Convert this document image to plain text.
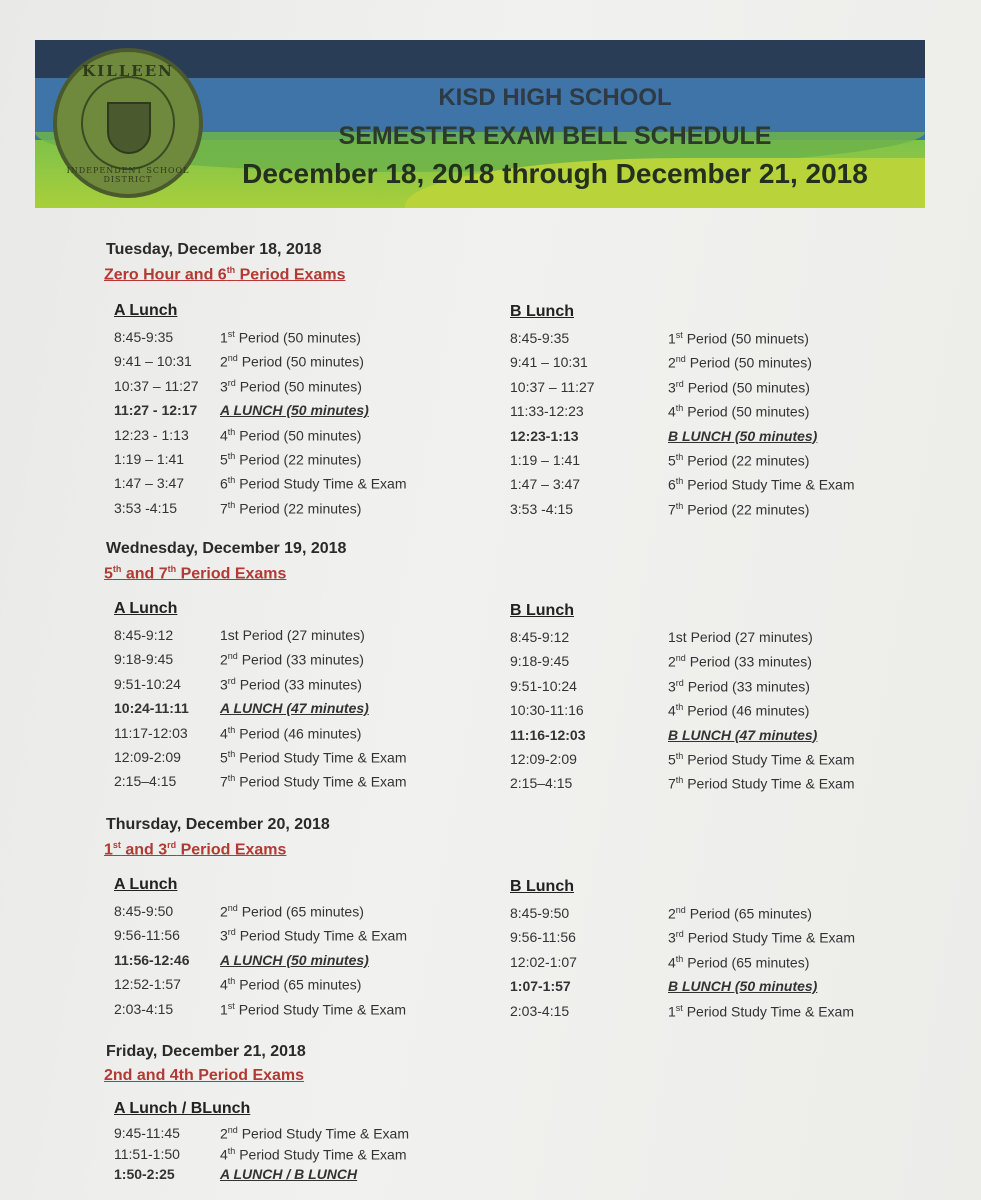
KILLEEN
INDEPENDENT SCHOOL DISTRICT
KISD HIGH SCHOOL
SEMESTER EXAM BELL SCHEDULE
December 18, 2018 through December 21, 2018
Tuesday, December 18, 2018
Zero Hour and 6th Period Exams
A Lunch
8:45-9:35	1st Period (50 minutes)
9:41 – 10:31 2nd Period (50 minutes)
10:37 – 11:27 3rd Period (50 minutes)
11:27 - 12:17 A LUNCH (50 minutes)
12:23 - 1:13 4th Period (50 minutes)
1:19 – 1:41	5th Period (22 minutes)
1:47 – 3:47	6th Period Study Time & Exam
3:53 -4:15	7th Period (22 minutes)
B Lunch
8:45-9:35	1st Period (50 minuets)
9:41 – 10:31	2nd Period (50 minutes)
10:37 – 11:27	3rd Period (50 minutes)
11:33-12:23	4th Period (50 minutes)
12:23-1:13	B LUNCH (50 minutes)
1:19 – 1:41	5th Period (22 minutes)
1:47 – 3:47	6th Period Study Time & Exam
3:53 -4:15	7th Period (22 minutes)
Wednesday, December 19, 2018
5th and 7th Period Exams
A Lunch
8:45-9:12	1st Period (27 minutes)
9:18-9:45	2nd Period (33 minutes)
9:51-10:24	3rd Period (33 minutes)
10:24-11:11 A LUNCH (47 minutes)
11:17-12:03 4th Period (46 minutes)
12:09-2:09	5th Period Study Time & Exam
2:15–4:15	7th Period Study Time & Exam
B Lunch
8:45-9:12	1st Period (27 minutes)
9:18-9:45	2nd Period (33 minutes)
9:51-10:24	3rd Period (33 minutes)
10:30-11:16	4th Period (46 minutes)
11:16-12:03	B LUNCH (47 minutes)
12:09-2:09	5th Period Study Time & Exam
2:15–4:15	7th Period Study Time & Exam
Thursday, December 20, 2018
1st and 3rd Period Exams
A Lunch
8:45-9:50	2nd Period (65 minutes)
9:56-11:56	3rd Period Study Time & Exam
11:56-12:46 A LUNCH (50 minutes)
12:52-1:57	4th Period (65 minutes)
2:03-4:15	1st Period Study Time & Exam
B Lunch
8:45-9:50	2nd Period (65 minutes)
9:56-11:56	3rd Period Study Time & Exam
12:02-1:07	4th Period (65 minutes)
1:07-1:57	B LUNCH (50 minutes)
2:03-4:15	1st Period Study Time & Exam
Friday, December 21, 2018
2nd and 4th Period Exams
A Lunch / BLunch
9:45-11:45	2nd Period Study Time & Exam
11:51-1:50	4th Period Study Time & Exam
1:50-2:25	A LUNCH / B LUNCH
